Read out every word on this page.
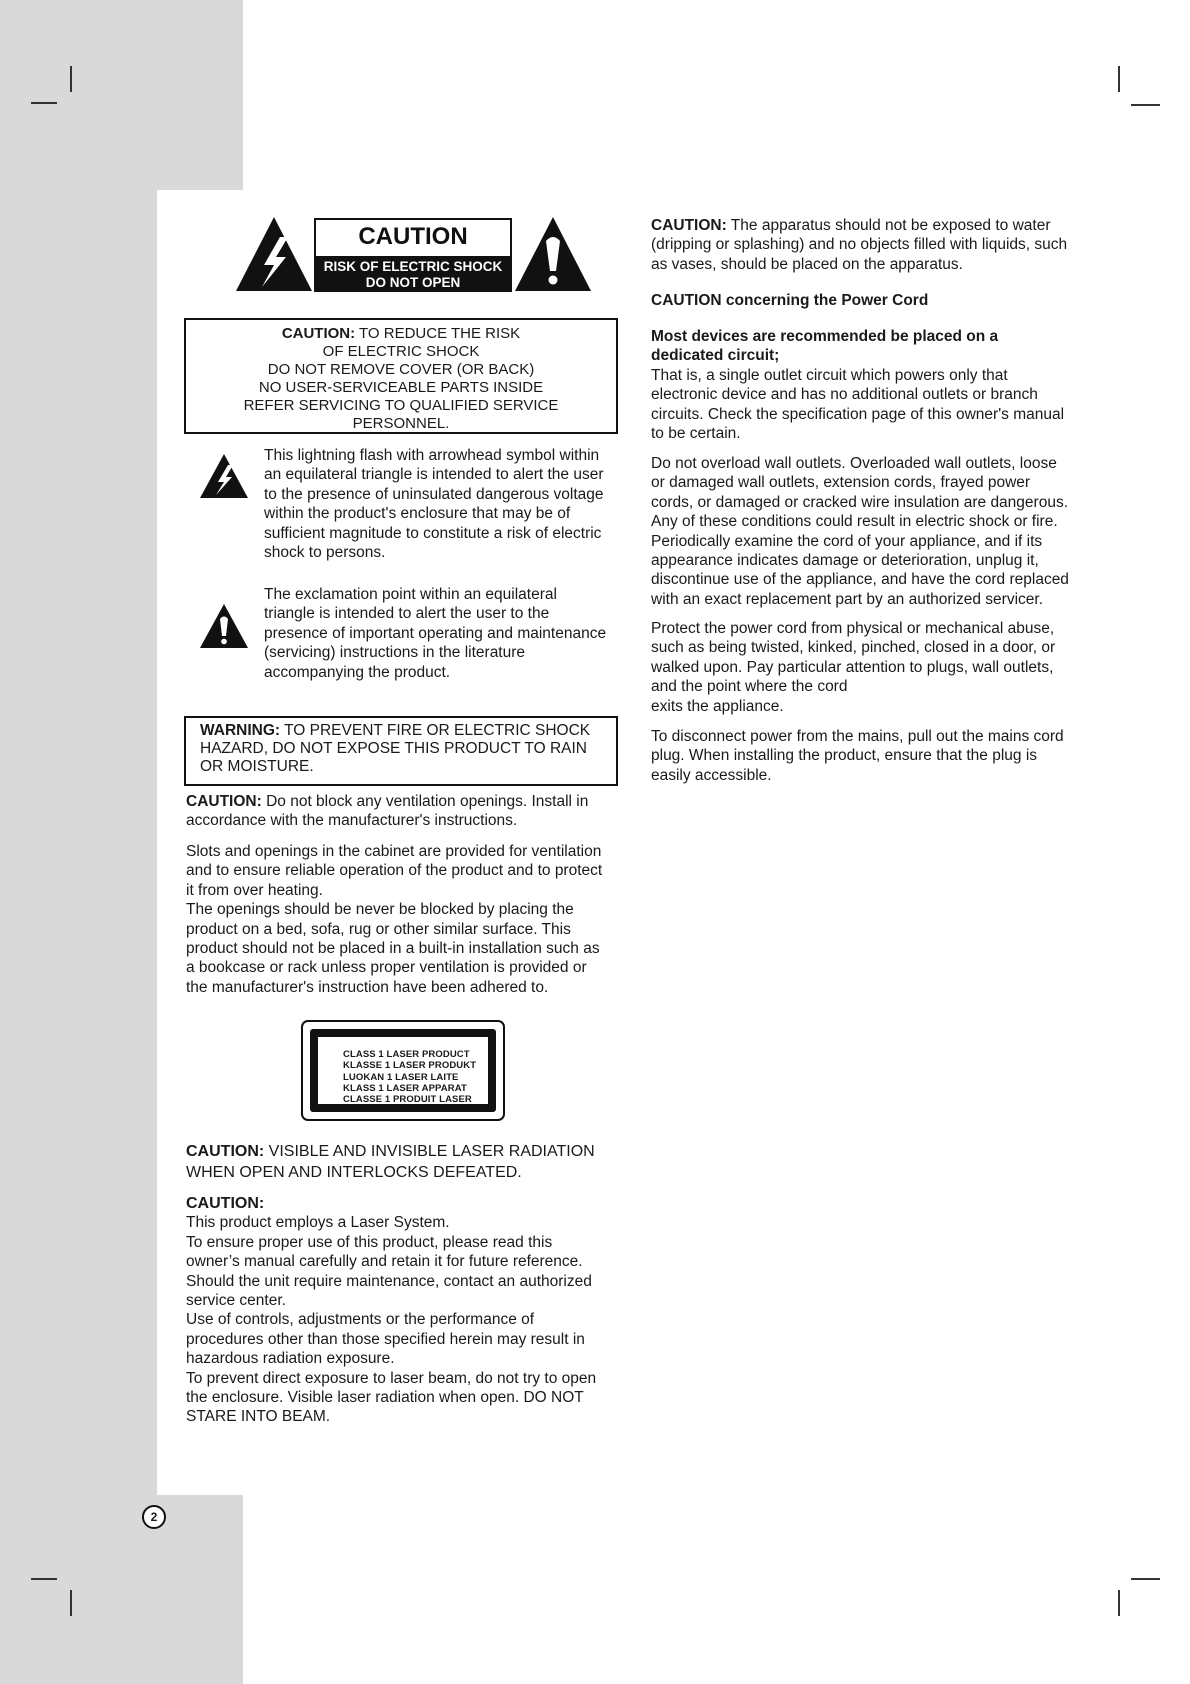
CAUTION
RISK OF ELECTRIC SHOCK
DO NOT OPEN
CAUTION: TO REDUCE THE RISK
OF ELECTRIC SHOCK
DO NOT REMOVE COVER (OR BACK)
NO USER-SERVICEABLE PARTS INSIDE
REFER SERVICING TO QUALIFIED SERVICE
PERSONNEL.
This lightning flash with arrowhead symbol within
an equilateral triangle is intended to alert the user
to the presence of uninsulated dangerous voltage
within the product's enclosure that may be of
sufficient magnitude to constitute a risk of electric
shock to persons.
The exclamation point within an equilateral
triangle is intended to alert the user to the
presence of important operating and maintenance
(servicing) instructions in the literature
accompanying the product.
WARNING: TO PREVENT FIRE OR ELECTRIC SHOCK
HAZARD, DO NOT EXPOSE THIS PRODUCT TO RAIN
OR MOISTURE.
CAUTION: Do not block any ventilation openings. Install in
accordance with the manufacturer's instructions.
Slots and openings in the cabinet are provided for ventilation
and to ensure reliable operation of the product and to protect
it from over heating.
The openings should be never be blocked by placing the
product on a bed, sofa, rug or other similar surface. This
product should not be placed in a built-in installation such as
a bookcase or rack unless proper ventilation is provided or
the manufacturer's instruction have been adhered to.
CLASS 1 LASER PRODUCT
KLASSE 1 LASER PRODUKT
LUOKAN 1 LASER LAITE
KLASS 1 LASER APPARAT
CLASSE 1 PRODUIT LASER
CAUTION: VISIBLE AND INVISIBLE LASER RADIATION
WHEN OPEN AND INTERLOCKS DEFEATED.
CAUTION:
This product employs a Laser System.
To ensure proper use of this product, please read this
owner’s manual carefully and retain it for future reference.
Should the unit require maintenance, contact an authorized
service center.
Use of controls, adjustments or the performance of
procedures other than those specified herein may result in
hazardous radiation exposure.
To prevent direct exposure to laser beam, do not try to open
the enclosure. Visible laser radiation when open. DO NOT
STARE INTO BEAM.
CAUTION: The apparatus should not be exposed to water
(dripping or splashing) and no objects filled with liquids, such
as vases, should be placed on the apparatus.
CAUTION concerning the Power Cord
Most devices are recommended be placed on a
dedicated circuit;
That is, a single outlet circuit which powers only that
electronic device and has no additional outlets or branch
circuits. Check the specification page of this owner's manual
to be certain.
Do not overload wall outlets. Overloaded wall outlets, loose
or damaged wall outlets, extension cords, frayed power
cords, or damaged or cracked wire insulation are dangerous.
Any of these conditions could result in electric shock or fire.
Periodically examine the cord of your appliance, and if its
appearance indicates damage or deterioration, unplug it,
discontinue use of the appliance, and have the cord replaced
with an exact replacement part by an authorized servicer.
Protect the power cord from physical or mechanical abuse,
such as being twisted, kinked, pinched, closed in a door, or
walked upon. Pay particular attention to plugs, wall outlets,
and the point where the cord
exits the appliance.
To disconnect power from the mains, pull out the mains cord
plug. When installing the product, ensure that the plug is
easily accessible.
2
